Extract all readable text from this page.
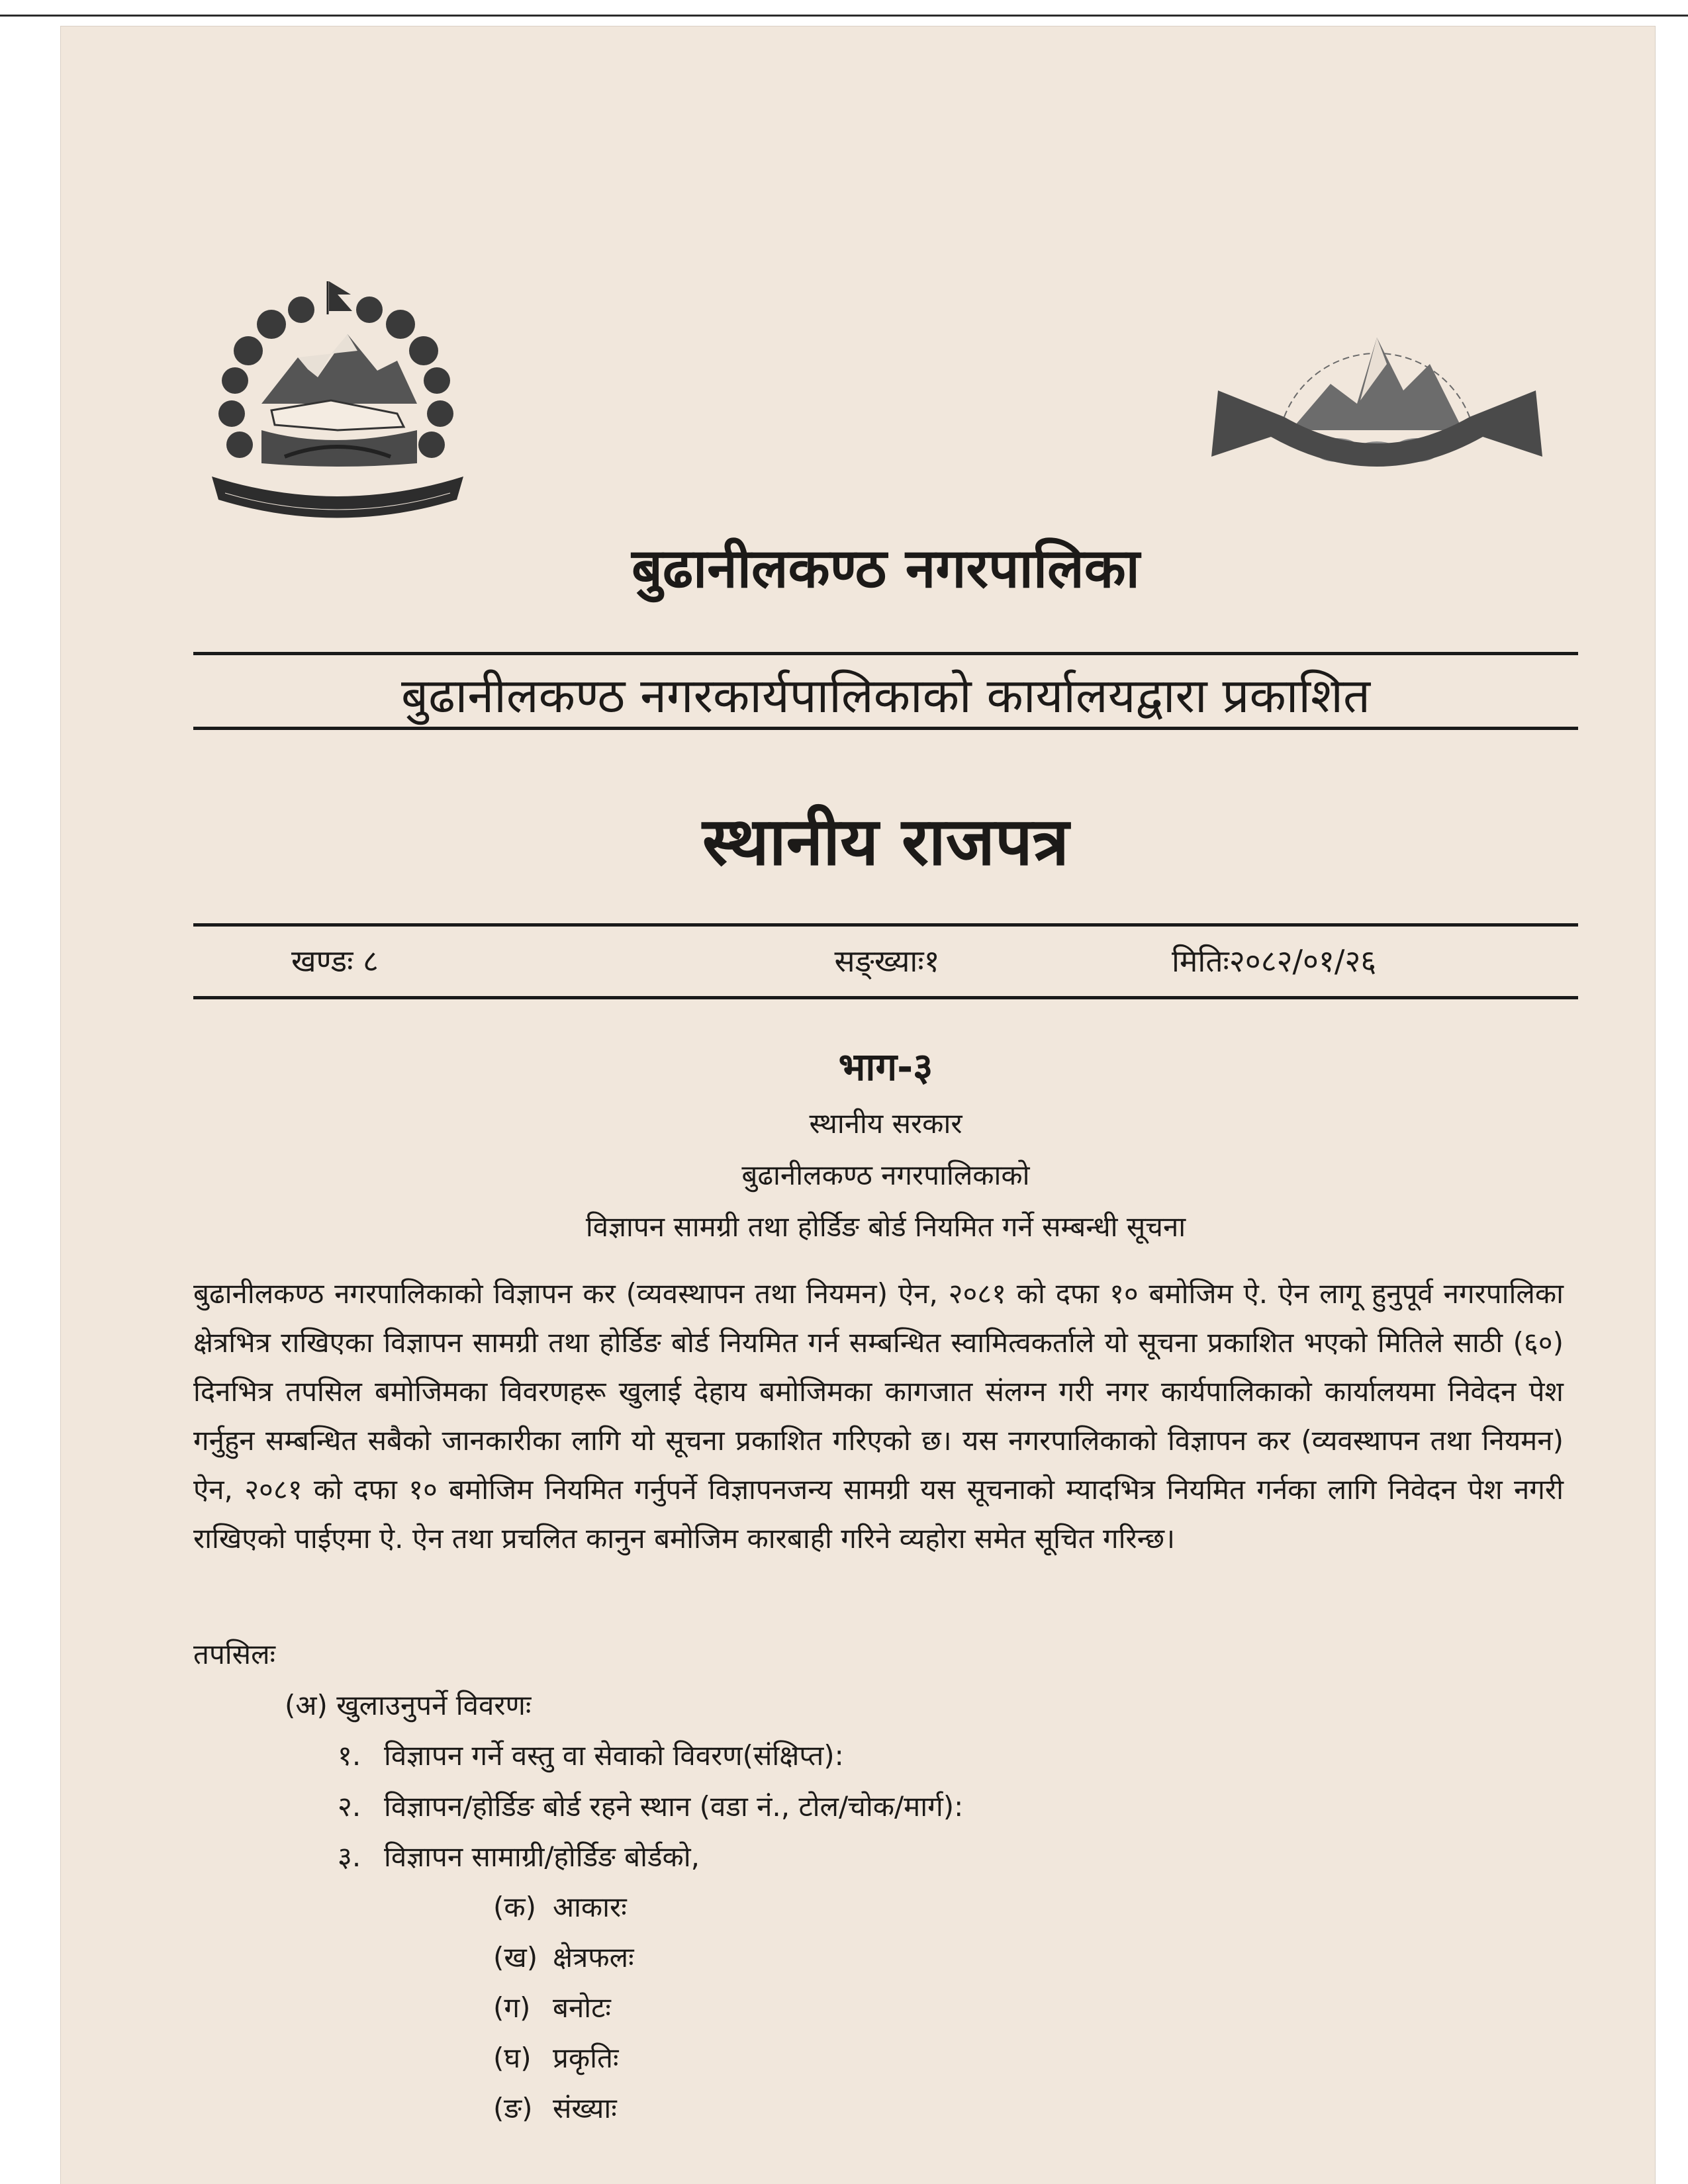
बुढानीलकण्ठ नगरपालिका
बुढानीलकण्ठ नगरकार्यपालिकाको कार्यालयद्वारा प्रकाशित
स्थानीय राजपत्र
खण्डः ८	सङ्ख्याः१	मितिः२०८२/०१/२६
भाग-३
स्थानीय सरकार
बुढानीलकण्ठ नगरपालिकाको
विज्ञापन सामग्री तथा होर्डिङ बोर्ड नियमित गर्ने सम्बन्धी सूचना
बुढानीलकण्ठ नगरपालिकाको विज्ञापन कर (व्यवस्थापन तथा नियमन) ऐन, २०८१ को दफा १० बमोजिम ऐ. ऐन लागू हुनुपूर्व नगरपालिका क्षेत्रभित्र राखिएका विज्ञापन सामग्री तथा होर्डिङ बोर्ड नियमित गर्न सम्बन्धित स्वामित्वकर्ताले यो सूचना प्रकाशित भएको मितिले साठी (६०) दिनभित्र तपसिल बमोजिमका विवरणहरू खुलाई देहाय बमोजिमका कागजात संलग्न गरी नगर कार्यपालिकाको कार्यालयमा निवेदन पेश गर्नुहुन सम्बन्धित सबैको जानकारीका लागि यो सूचना प्रकाशित गरिएको छ। यस नगरपालिकाको विज्ञापन कर (व्यवस्थापन तथा नियमन) ऐन, २०८१ को दफा १० बमोजिम नियमित गर्नुपर्ने विज्ञापनजन्य सामग्री यस सूचनाको म्यादभित्र नियमित गर्नका लागि निवेदन पेश नगरी राखिएको पाईएमा ऐ. ऐन तथा प्रचलित कानुन बमोजिम कारबाही गरिने व्यहोरा समेत सूचित गरिन्छ।
तपसिलः
(अ) खुलाउनुपर्ने विवरणः
१. विज्ञापन गर्ने वस्तु वा सेवाको विवरण(संक्षिप्त):
२. विज्ञापन/होर्डिङ बोर्ड रहने स्थान (वडा नं., टोल/चोक/मार्ग):
३. विज्ञापन सामाग्री/होर्डिङ बोर्डको,
(क) आकारः
(ख) क्षेत्रफलः
(ग) बनोटः
(घ) प्रकृतिः
(ङ) संख्याः
